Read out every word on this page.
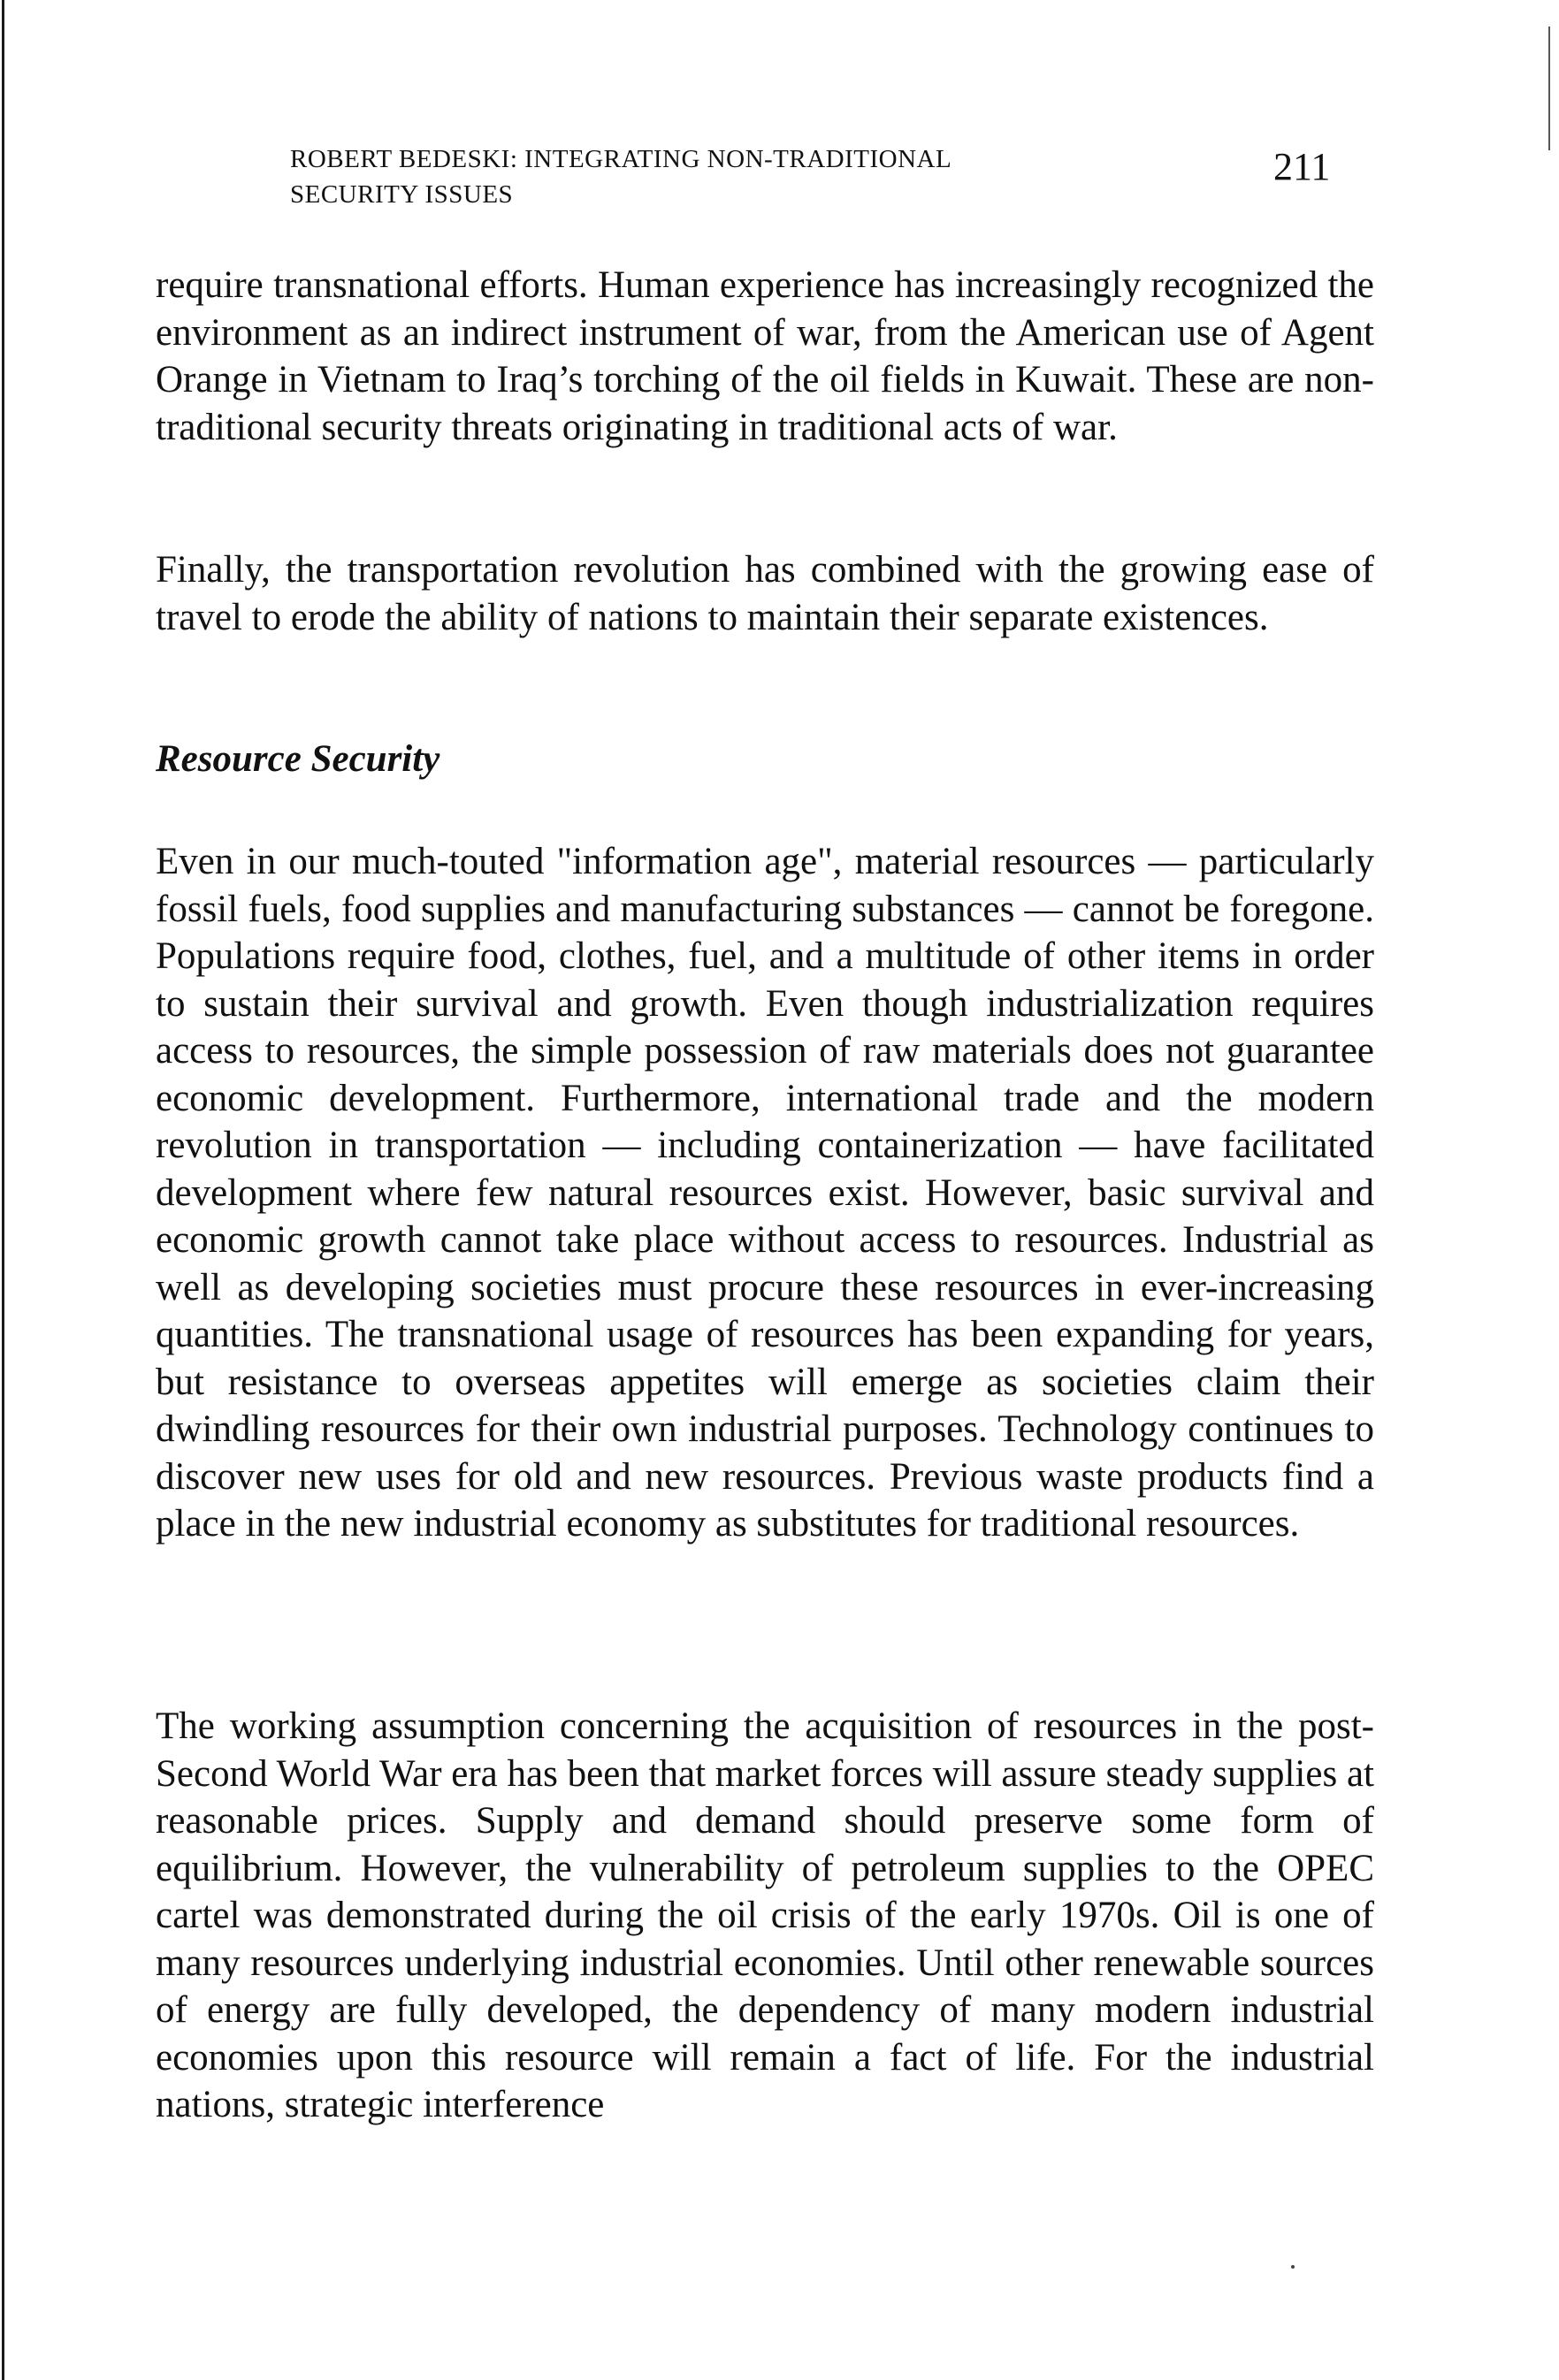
ROBERT BEDESKI: INTEGRATING NON-TRADITIONAL
SECURITY ISSUES
211

require transnational efforts. Human experience has increasingly recognized the environment as an indirect instrument of war, from the American use of Agent Orange in Vietnam to Iraq’s torching of the oil fields in Kuwait. These are non-traditional security threats originating in traditional acts of war.

Finally, the transportation revolution has combined with the growing ease of travel to erode the ability of nations to maintain their separate existences.

Resource Security

Even in our much-touted "information age", material resources — particularly fossil fuels, food supplies and manufacturing substances — cannot be foregone. Populations require food, clothes, fuel, and a multitude of other items in order to sustain their survival and growth. Even though industrialization requires access to resources, the simple possession of raw materials does not guarantee economic development. Furthermore, international trade and the modern revolution in transportation — including containerization — have facilitated development where few natural resources exist. However, basic survival and economic growth cannot take place without access to resources. Industrial as well as developing societies must procure these resources in ever-increasing quantities. The transnational usage of resources has been expanding for years, but resistance to overseas appetites will emerge as societies claim their dwindling resources for their own industrial purposes. Technology continues to discover new uses for old and new resources. Previous waste products find a place in the new industrial economy as substitutes for traditional resources.

The working assumption concerning the acquisition of resources in the post-Second World War era has been that market forces will assure steady supplies at reasonable prices. Supply and demand should preserve some form of equilibrium. However, the vulnerability of petroleum supplies to the OPEC cartel was demonstrated during the oil crisis of the early 1970s. Oil is one of many resources underlying industrial economies. Until other renewable sources of energy are fully developed, the dependency of many modern industrial economies upon this resource will remain a fact of life. For the industrial nations, strategic interference
